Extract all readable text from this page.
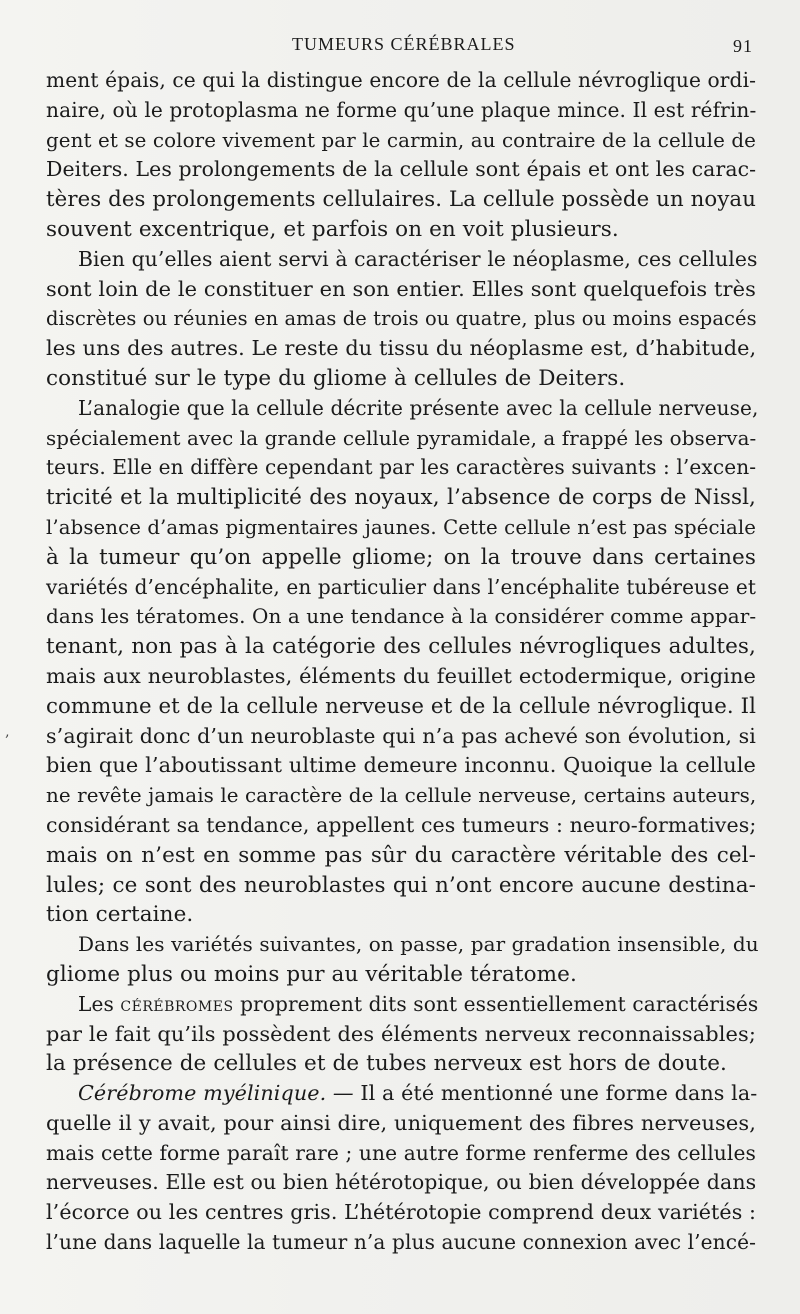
TUMEURS CÉRÉBRALES	91
‚
ment épais, ce qui la distingue encore de la cellule névroglique ordi-
naire, où le protoplasma ne forme qu’une plaque mince. Il est réfrin-
gent et se colore vivement par le carmin, au contraire de la cellule de
Deiters. Les prolongements de la cellule sont épais et ont les carac-
tères des prolongements cellulaires. La cellule possède un noyau
souvent excentrique, et parfois on en voit plusieurs.
Bien qu’elles aient servi à caractériser le néoplasme, ces cellules
sont loin de le constituer en son entier. Elles sont quelquefois très
discrètes ou réunies en amas de trois ou quatre, plus ou moins espacés
les uns des autres. Le reste du tissu du néoplasme est, d’habitude,
constitué sur le type du gliome à cellules de Deiters.
L’analogie que la cellule décrite présente avec la cellule nerveuse,
spécialement avec la grande cellule pyramidale, a frappé les observa-
teurs. Elle en diffère cependant par les caractères suivants : l’excen-
tricité et la multiplicité des noyaux, l’absence de corps de Nissl,
l’absence d’amas pigmentaires jaunes. Cette cellule n’est pas spéciale
à la tumeur qu’on appelle gliome; on la trouve dans certaines
variétés d’encéphalite, en particulier dans l’encéphalite tubéreuse et
dans les tératomes. On a une tendance à la considérer comme appar-
tenant, non pas à la catégorie des cellules névrogliques adultes,
mais aux neuroblastes, éléments du feuillet ectodermique, origine
commune et de la cellule nerveuse et de la cellule névroglique. Il
s’agirait donc d’un neuroblaste qui n’a pas achevé son évolution, si
bien que l’aboutissant ultime demeure inconnu. Quoique la cellule
ne revête jamais le caractère de la cellule nerveuse, certains auteurs,
considérant sa tendance, appellent ces tumeurs : neuro-formatives;
mais on n’est en somme pas sûr du caractère véritable des cel-
lules; ce sont des neuroblastes qui n’ont encore aucune destina-
tion certaine.
Dans les variétés suivantes, on passe, par gradation insensible, du
gliome plus ou moins pur au véritable tératome.
Les cérébromes proprement dits sont essentiellement caractérisés
par le fait qu’ils possèdent des éléments nerveux reconnaissables;
la présence de cellules et de tubes nerveux est hors de doute.
Cérébrome myélinique. — Il a été mentionné une forme dans la-
quelle il y avait, pour ainsi dire, uniquement des fibres nerveuses,
mais cette forme paraît rare ; une autre forme renferme des cellules
nerveuses. Elle est ou bien hétérotopique, ou bien développée dans
l’écorce ou les centres gris. L’hétérotopie comprend deux variétés :
l’une dans laquelle la tumeur n’a plus aucune connexion avec l’encé-
